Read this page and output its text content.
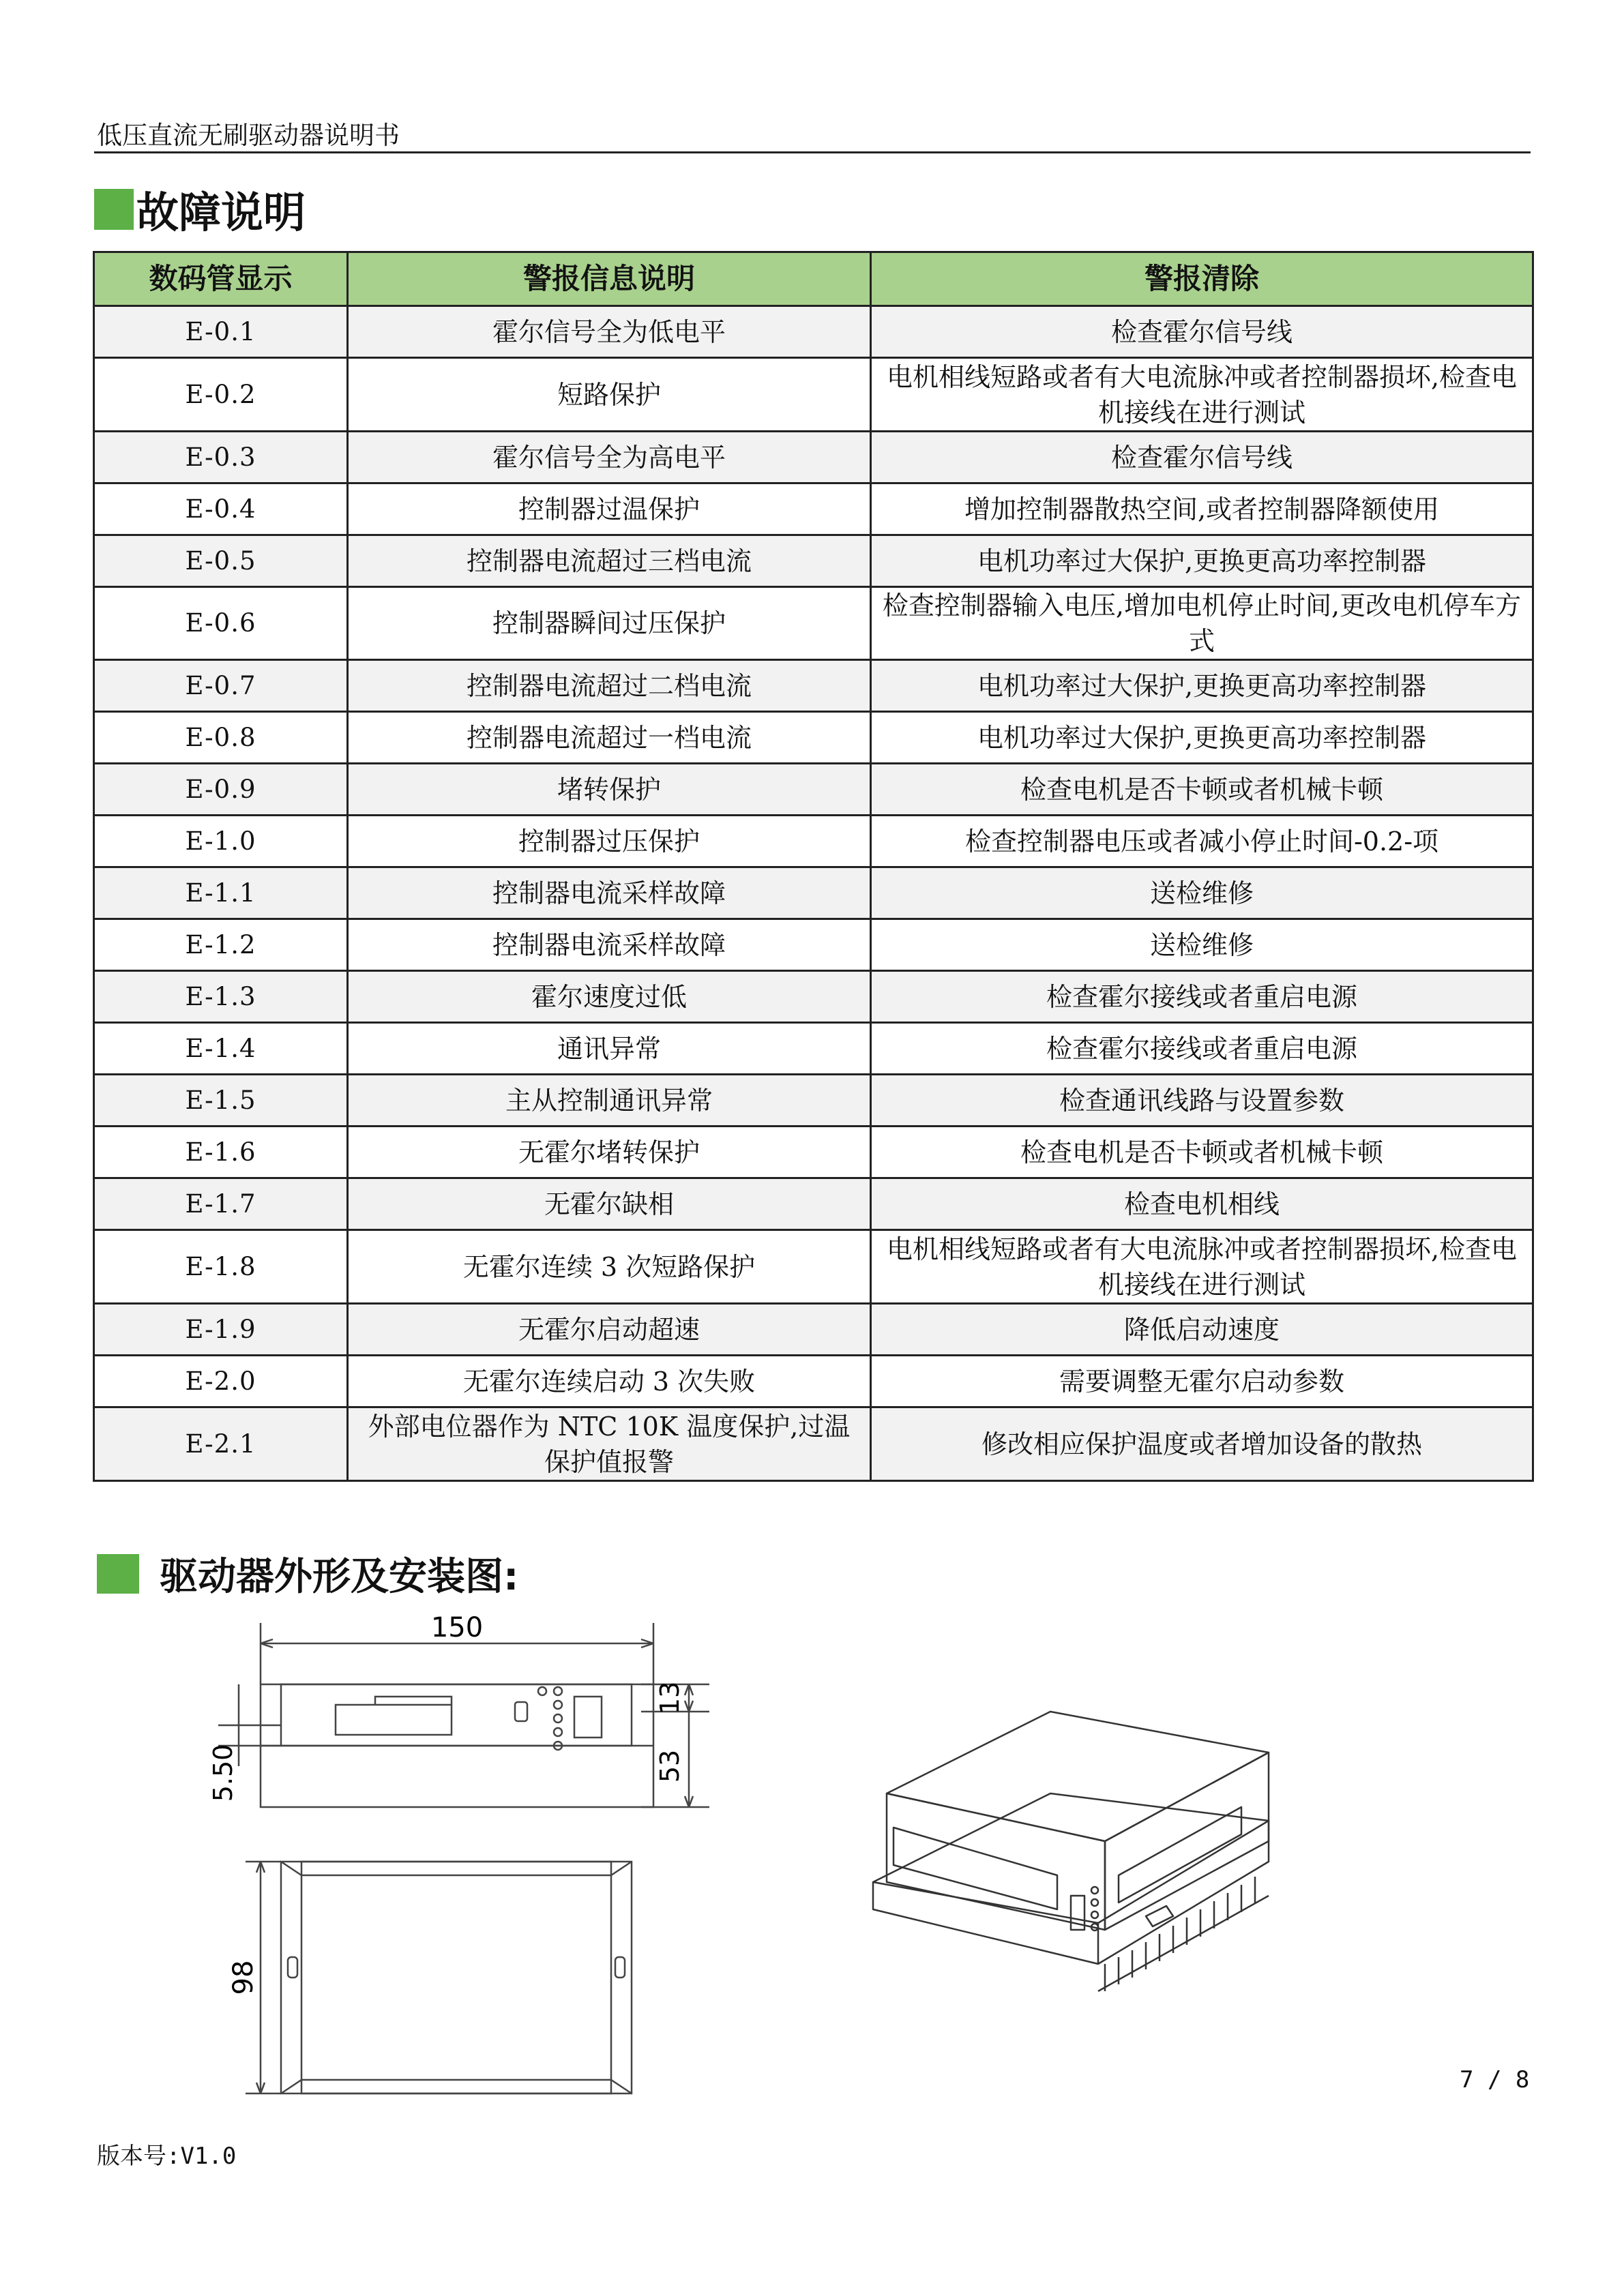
低压直流无刷驱动器说明书
故障说明
数码管显示	警报信息说明	警报清除
E-0.1	霍尔信号全为低电平	检查霍尔信号线
E-0.2	短路保护	电机相线短路或者有大电流脉冲或者控制器损坏,检查电机接线在进行测试
E-0.3	霍尔信号全为高电平	检查霍尔信号线
E-0.4	控制器过温保护	增加控制器散热空间,或者控制器降额使用
E-0.5	控制器电流超过三档电流	电机功率过大保护,更换更高功率控制器
E-0.6	控制器瞬间过压保护	检查控制器输入电压,增加电机停止时间,更改电机停车方式
E-0.7	控制器电流超过二档电流	电机功率过大保护,更换更高功率控制器
E-0.8	控制器电流超过一档电流	电机功率过大保护,更换更高功率控制器
E-0.9	堵转保护	检查电机是否卡顿或者机械卡顿
E-1.0	控制器过压保护	检查控制器电压或者减小停止时间-0.2-项
E-1.1	控制器电流采样故障	送检维修
E-1.2	控制器电流采样故障	送检维修
E-1.3	霍尔速度过低	检查霍尔接线或者重启电源
E-1.4	通讯异常	检查霍尔接线或者重启电源
E-1.5	主从控制通讯异常	检查通讯线路与设置参数
E-1.6	无霍尔堵转保护	检查电机是否卡顿或者机械卡顿
E-1.7	无霍尔缺相	检查电机相线
E-1.8	无霍尔连续 3 次短路保护	电机相线短路或者有大电流脉冲或者控制器损坏,检查电机接线在进行测试
E-1.9	无霍尔启动超速	降低启动速度
E-2.0	无霍尔连续启动 3 次失败	需要调整无霍尔启动参数
E-2.1	外部电位器作为 NTC 10K 温度保护,过温保护值报警	修改相应保护温度或者增加设备的散热
驱动器外形及安装图:
150
5.50
13
53
98
7 / 8
版本号:V1.0
